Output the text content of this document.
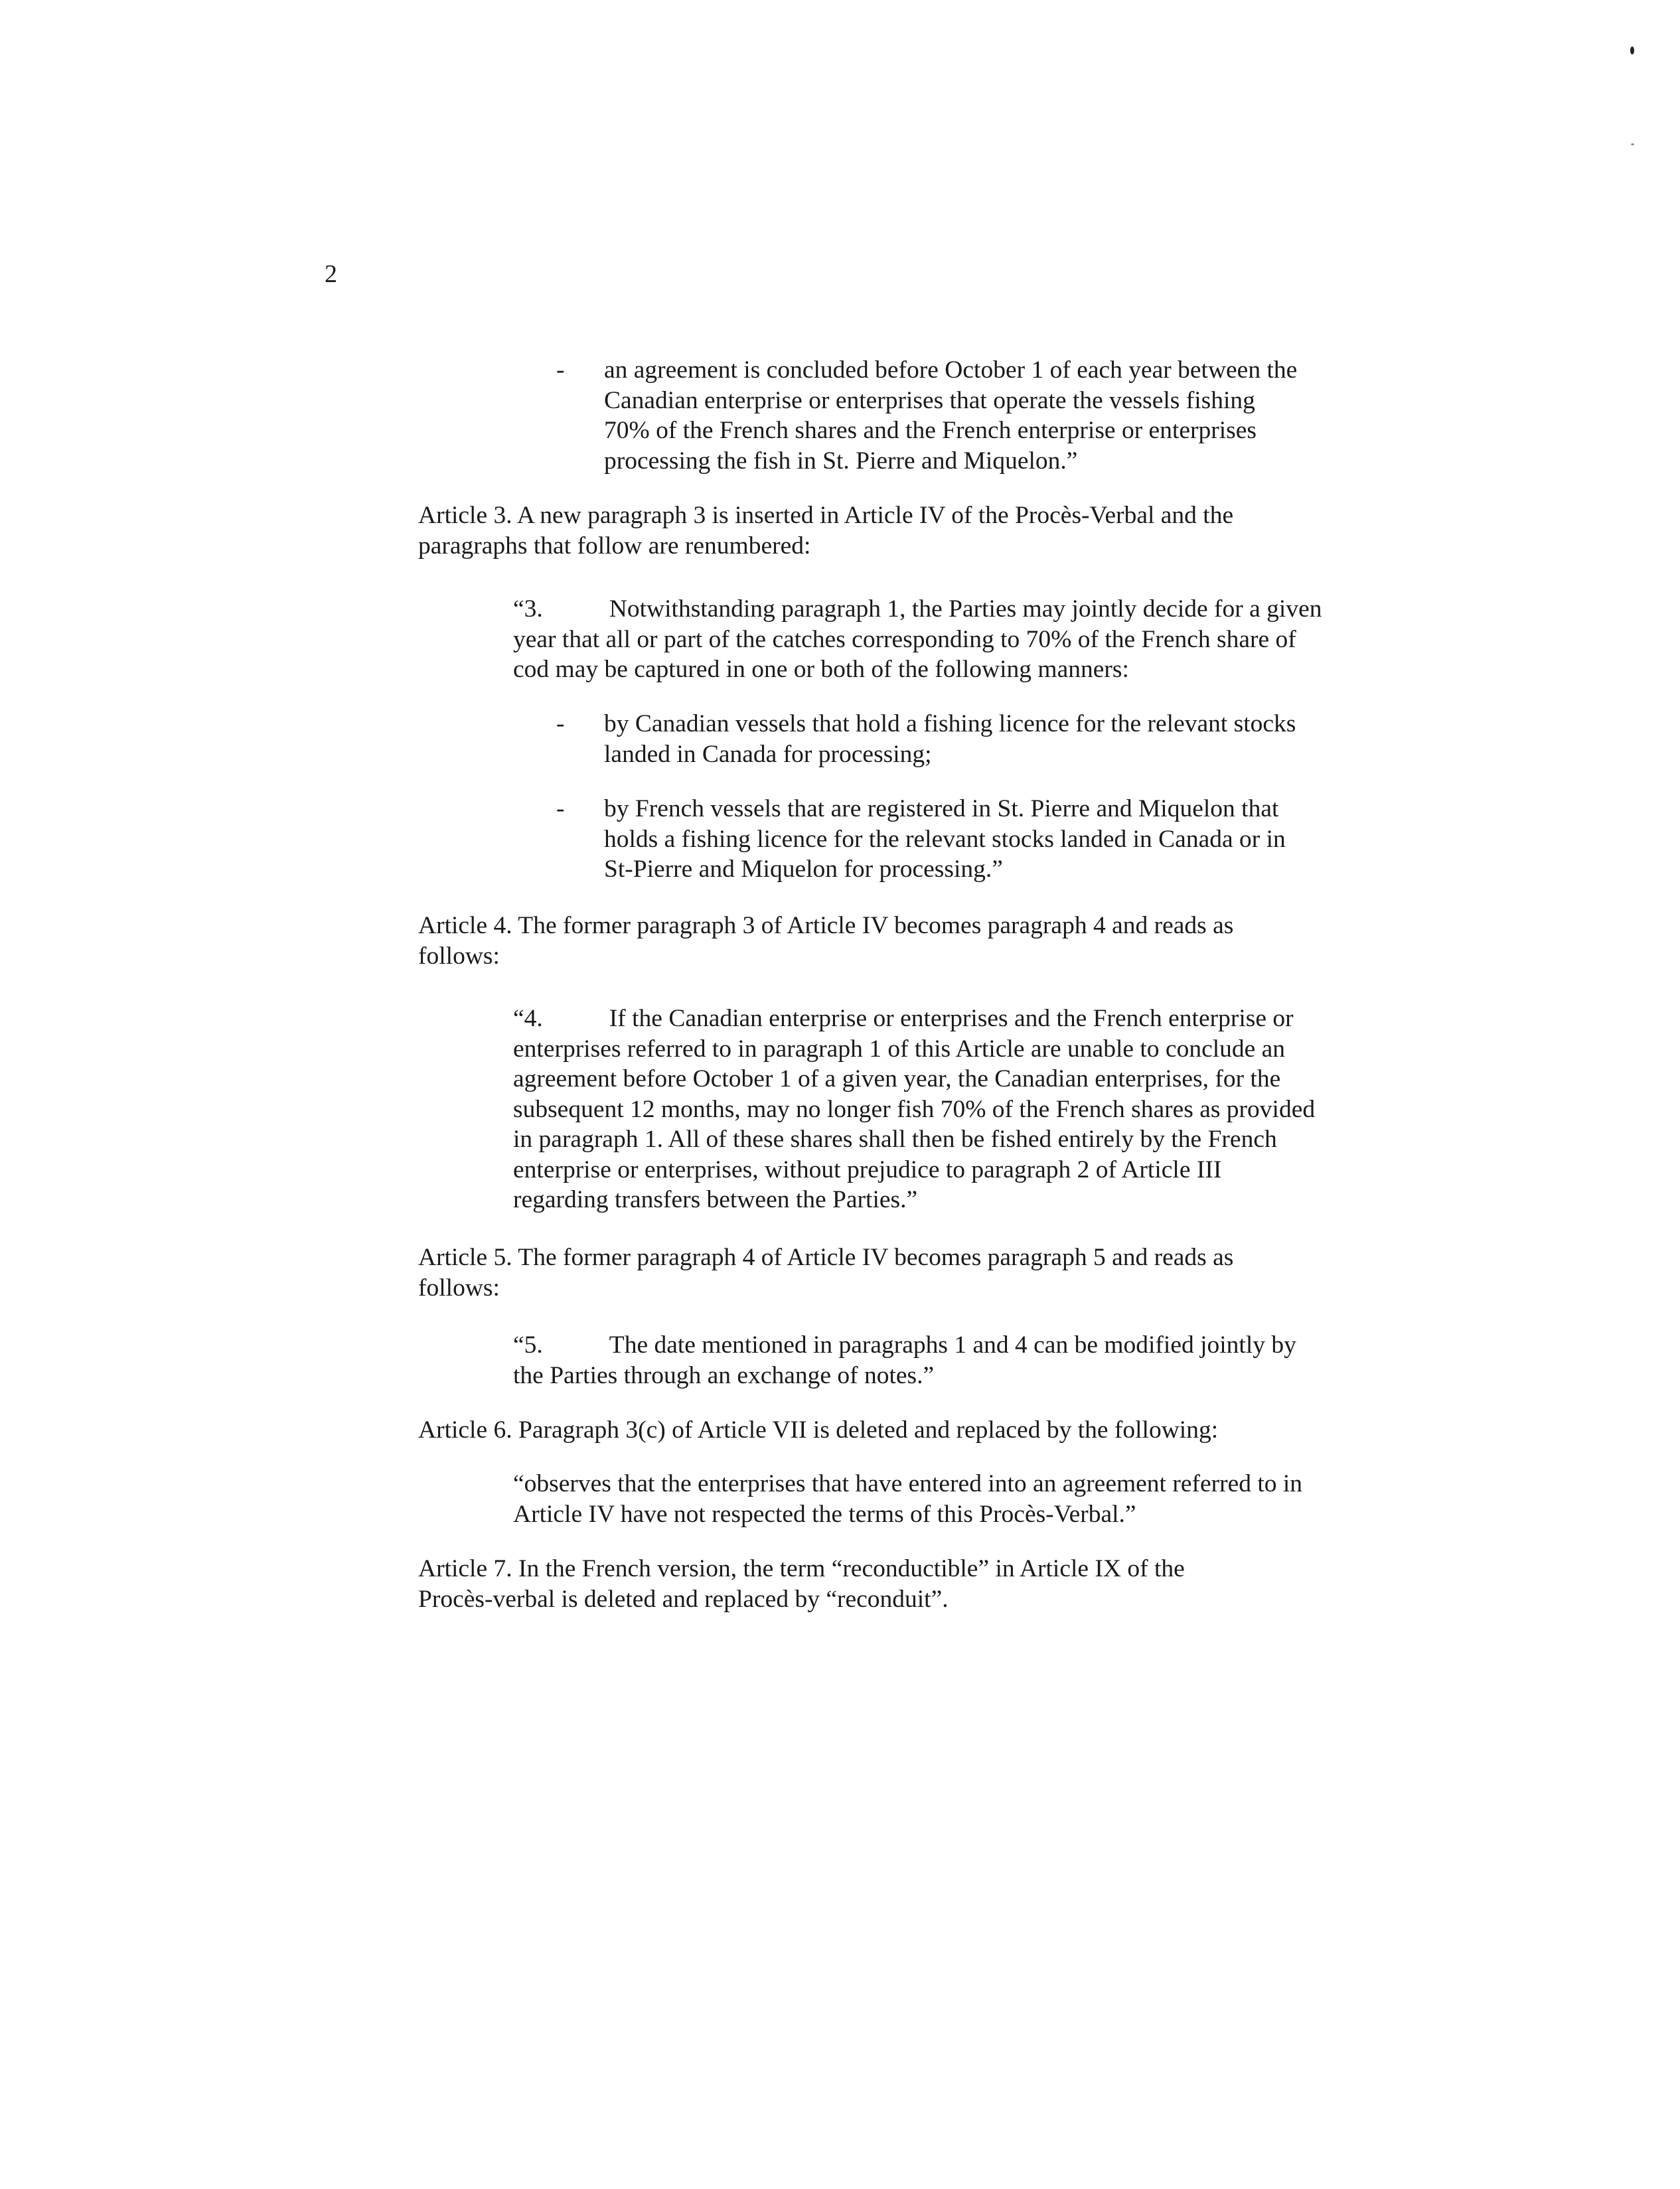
2
- an agreement is concluded before October 1 of each year between the
Canadian enterprise or enterprises that operate the vessels fishing
70% of the French shares and the French enterprise or enterprises
processing the fish in St. Pierre and Miquelon.”
Article 3. A new paragraph 3 is inserted in Article IV of the Procès-Verbal and the
paragraphs that follow are renumbered:
“3.	Notwithstanding paragraph 1, the Parties may jointly decide for a given
year that all or part of the catches corresponding to 70% of the French share of
cod may be captured in one or both of the following manners:
- by Canadian vessels that hold a fishing licence for the relevant stocks
landed in Canada for processing;
- by French vessels that are registered in St. Pierre and Miquelon that
holds a fishing licence for the relevant stocks landed in Canada or in
St-Pierre and Miquelon for processing.”
Article 4. The former paragraph 3 of Article IV becomes paragraph 4 and reads as
follows:
“4.	If the Canadian enterprise or enterprises and the French enterprise or
enterprises referred to in paragraph 1 of this Article are unable to conclude an
agreement before October 1 of a given year, the Canadian enterprises, for the
subsequent 12 months, may no longer fish 70% of the French shares as provided
in paragraph 1. All of these shares shall then be fished entirely by the French
enterprise or enterprises, without prejudice to paragraph 2 of Article III
regarding transfers between the Parties.”
Article 5. The former paragraph 4 of Article IV becomes paragraph 5 and reads as
follows:
“5.	The date mentioned in paragraphs 1 and 4 can be modified jointly by
the Parties through an exchange of notes.”
Article 6. Paragraph 3(c) of Article VII is deleted and replaced by the following:
“observes that the enterprises that have entered into an agreement referred to in
Article IV have not respected the terms of this Procès-Verbal.”
Article 7. In the French version, the term “reconductible” in Article IX of the
Procès-verbal is deleted and replaced by “reconduit”.
